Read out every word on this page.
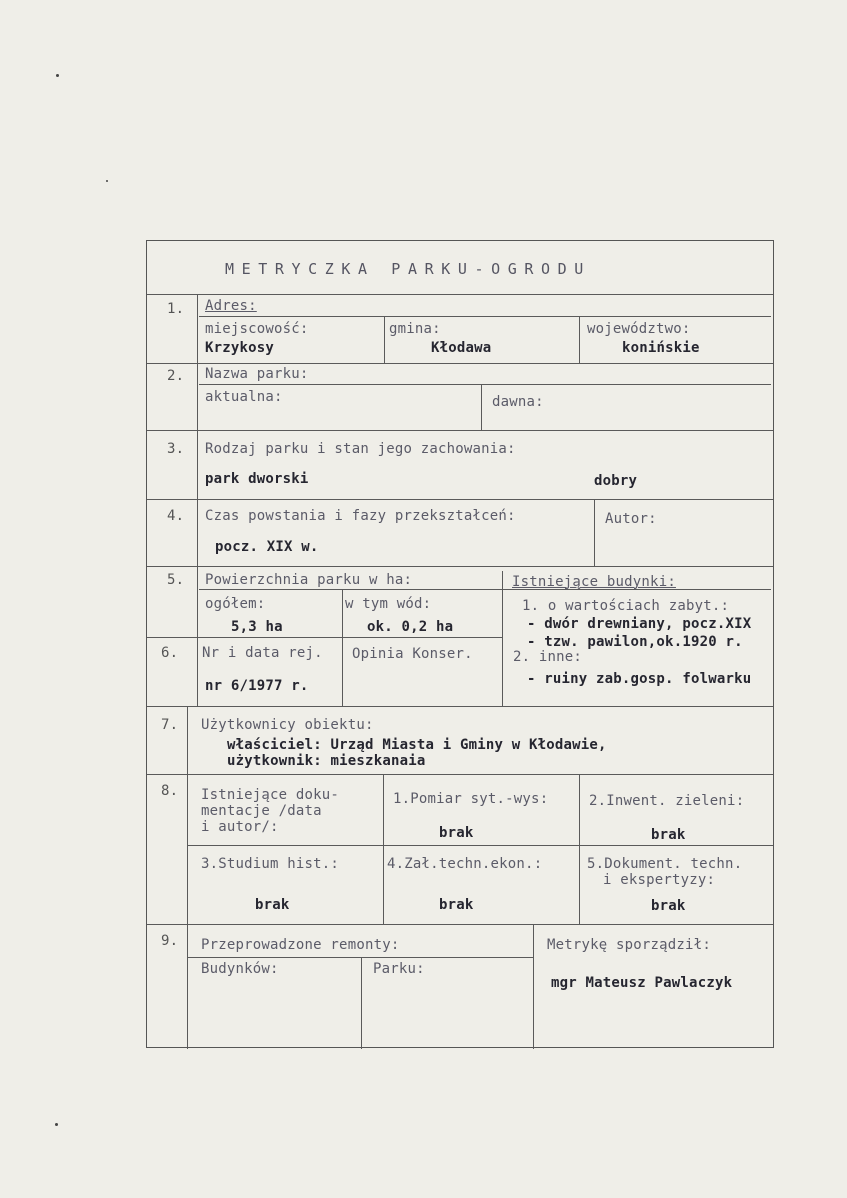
METRYCZKA PARKU-OGRODU
1. Adres:
miejscowość:
Krzykosy
gmina:
Kłodawa
województwo:
konińskie
2. Nazwa parku:
aktualna:	dawna:
3. Rodzaj parku i stan jego zachowania:
park dworski	dobry
4. Czas powstania i fazy przekształceń:	Autor:
pocz. XIX w.
5. Powierzchnia parku w ha:
ogółem:
5,3 ha
w tym wód:
ok. 0,2 ha
Istniejące budynki:
1. o wartościach zabyt.:
- dwór drewniany, pocz.XIX
- tzw. pawilon,ok.1920 r.
2. inne:
- ruiny zab.gosp. folwarku
6. Nr i data rej.
nr 6/1977 r.
Opinia Konser.
7. Użytkownicy obiektu:
właściciel: Urząd Miasta i Gminy w Kłodawie,
użytkownik: mieszkanaia
8. Istniejące doku-
mentacje /data
i autor/:
1.Pomiar syt.-wys:
brak
2.Inwent. zieleni:
brak
3.Studium hist.:
brak
4.Zał.techn.ekon.:
brak
5.Dokument. techn.
i ekspertyzy:
brak
9. Przeprowadzone remonty:
Budynków:	Parku:
Metrykę sporządził:
mgr Mateusz Pawlaczyk
